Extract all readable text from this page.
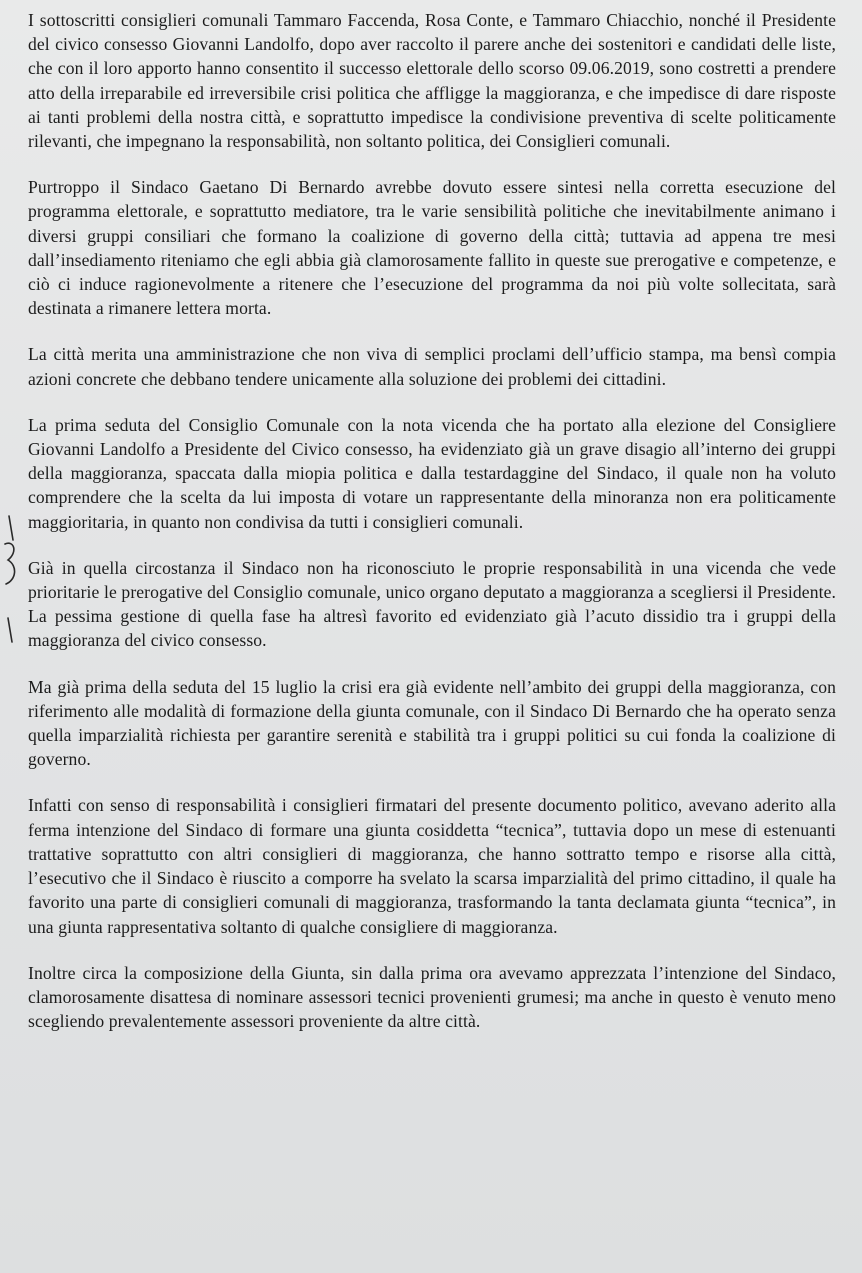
I sottoscritti consiglieri comunali Tammaro Faccenda, Rosa Conte, e Tammaro Chiacchio, nonché il Presidente del civico consesso Giovanni Landolfo, dopo aver raccolto il parere anche dei sostenitori e candidati delle liste, che con il loro apporto hanno consentito il successo elettorale dello scorso 09.06.2019, sono costretti a prendere atto della irreparabile ed irreversibile crisi politica che affligge la maggioranza, e che impedisce di dare risposte ai tanti problemi della nostra città, e soprattutto impedisce la condivisione preventiva di scelte politicamente rilevanti, che impegnano la responsabilità, non soltanto politica, dei Consiglieri comunali.

Purtroppo il Sindaco Gaetano Di Bernardo avrebbe dovuto essere sintesi nella corretta esecuzione del programma elettorale, e soprattutto mediatore, tra le varie sensibilità politiche che inevitabilmente animano i diversi gruppi consiliari che formano la coalizione di governo della città; tuttavia ad appena tre mesi dall’insediamento riteniamo che egli abbia già clamorosamente fallito in queste sue prerogative e competenze, e ciò ci induce ragionevolmente a ritenere che l’esecuzione del programma da noi più volte sollecitata, sarà destinata a rimanere lettera morta.

La città merita una amministrazione che non viva di semplici proclami dell’ufficio stampa, ma bensì compia azioni concrete che debbano tendere unicamente alla soluzione dei problemi dei cittadini.

La prima seduta del Consiglio Comunale con la nota vicenda che ha portato alla elezione del Consigliere Giovanni Landolfo a Presidente del Civico consesso, ha evidenziato già un grave disagio all’interno dei gruppi della maggioranza, spaccata dalla miopia politica e dalla testardaggine del Sindaco, il quale non ha voluto comprendere che la scelta da lui imposta di votare un rappresentante della minoranza non era politicamente maggioritaria, in quanto non condivisa da tutti i consiglieri comunali.

Già in quella circostanza il Sindaco non ha riconosciuto le proprie responsabilità in una vicenda che vede prioritarie le prerogative del Consiglio comunale, unico organo deputato a maggioranza a scegliersi il Presidente. La pessima gestione di quella fase ha altresì favorito ed evidenziato già l’acuto dissidio tra i gruppi della maggioranza del civico consesso.

Ma già prima della seduta del 15 luglio la crisi era già evidente nell’ambito dei gruppi della maggioranza, con riferimento alle modalità di formazione della giunta comunale, con il Sindaco Di Bernardo che ha operato senza quella imparzialità richiesta per garantire serenità e stabilità tra i gruppi politici su cui fonda la coalizione di governo.

Infatti con senso di responsabilità i consiglieri firmatari del presente documento politico, avevano aderito alla ferma intenzione del Sindaco di formare una giunta cosiddetta “tecnica”, tuttavia dopo un mese di estenuanti trattative soprattutto con altri consiglieri di maggioranza, che hanno sottratto tempo e risorse alla città, l’esecutivo che il Sindaco è riuscito a comporre ha svelato la scarsa imparzialità del primo cittadino, il quale ha favorito una parte di consiglieri comunali di maggioranza, trasformando la tanta declamata giunta “tecnica”, in una giunta rappresentativa soltanto di qualche consigliere di maggioranza.

Inoltre circa la composizione della Giunta, sin dalla prima ora avevamo apprezzata l’intenzione del Sindaco, clamorosamente disattesa di nominare assessori tecnici provenienti grumesi; ma anche in questo è venuto meno scegliendo prevalentemente assessori proveniente da altre città.
